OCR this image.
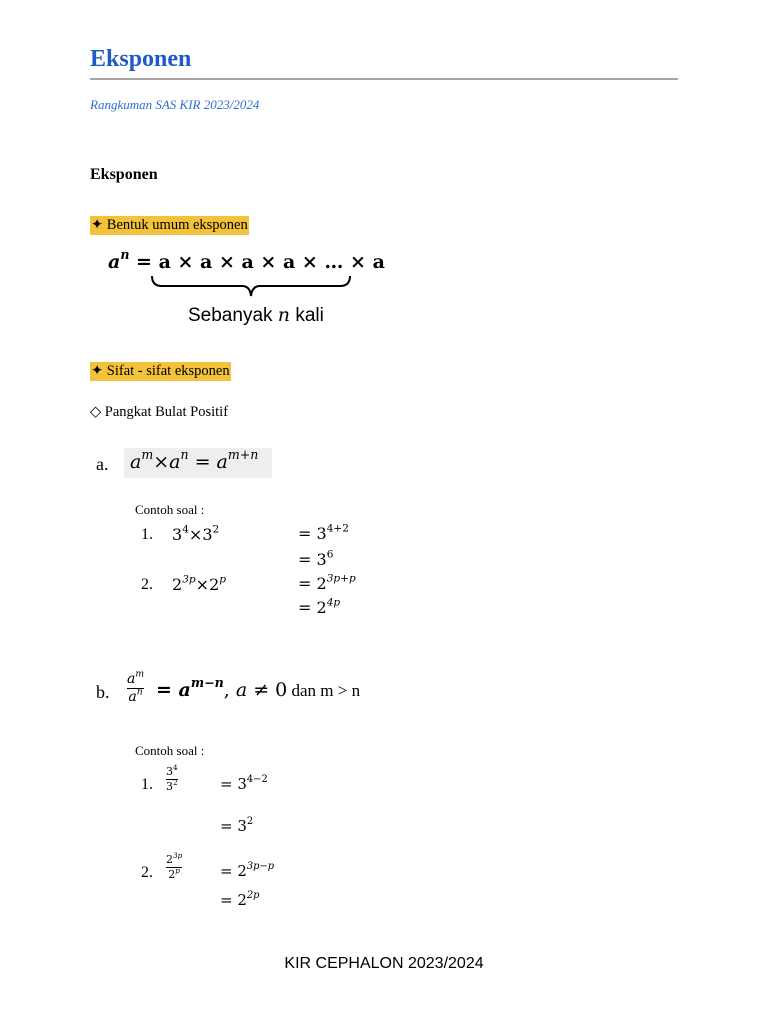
Eksponen
Rangkuman SAS KIR 2023/2024
Eksponen
✦ Bentuk umum eksponen
$a^n = a \times a \times a \times a$ × … × a
Sebanyak n kali
✦ Sifat - sifat eksponen
◇ Pangkat Bulat Positif
a. $a^m\times a^n = a^{m+n}$
Contoh soal :
1. $3^4\times 3^2$	= $3^{4+2}$
= $3^6$
2. $2^{3p}\times 2^p$	= $2^{3p+p}$
= $2^{4p}$
b. $\frac{a^m}{a^n} = a^{m-n}$, a ≠ 0 dan m > n
Contoh soal :
1. $\frac{3^4}{3^2}$	= $3^{4-2}$
= $3^2$
2. $\frac{2^{3p}}{2^p}$	= $2^{3p-p}$
= $2^{2p}$
KIR CEPHALON 2023/2024
